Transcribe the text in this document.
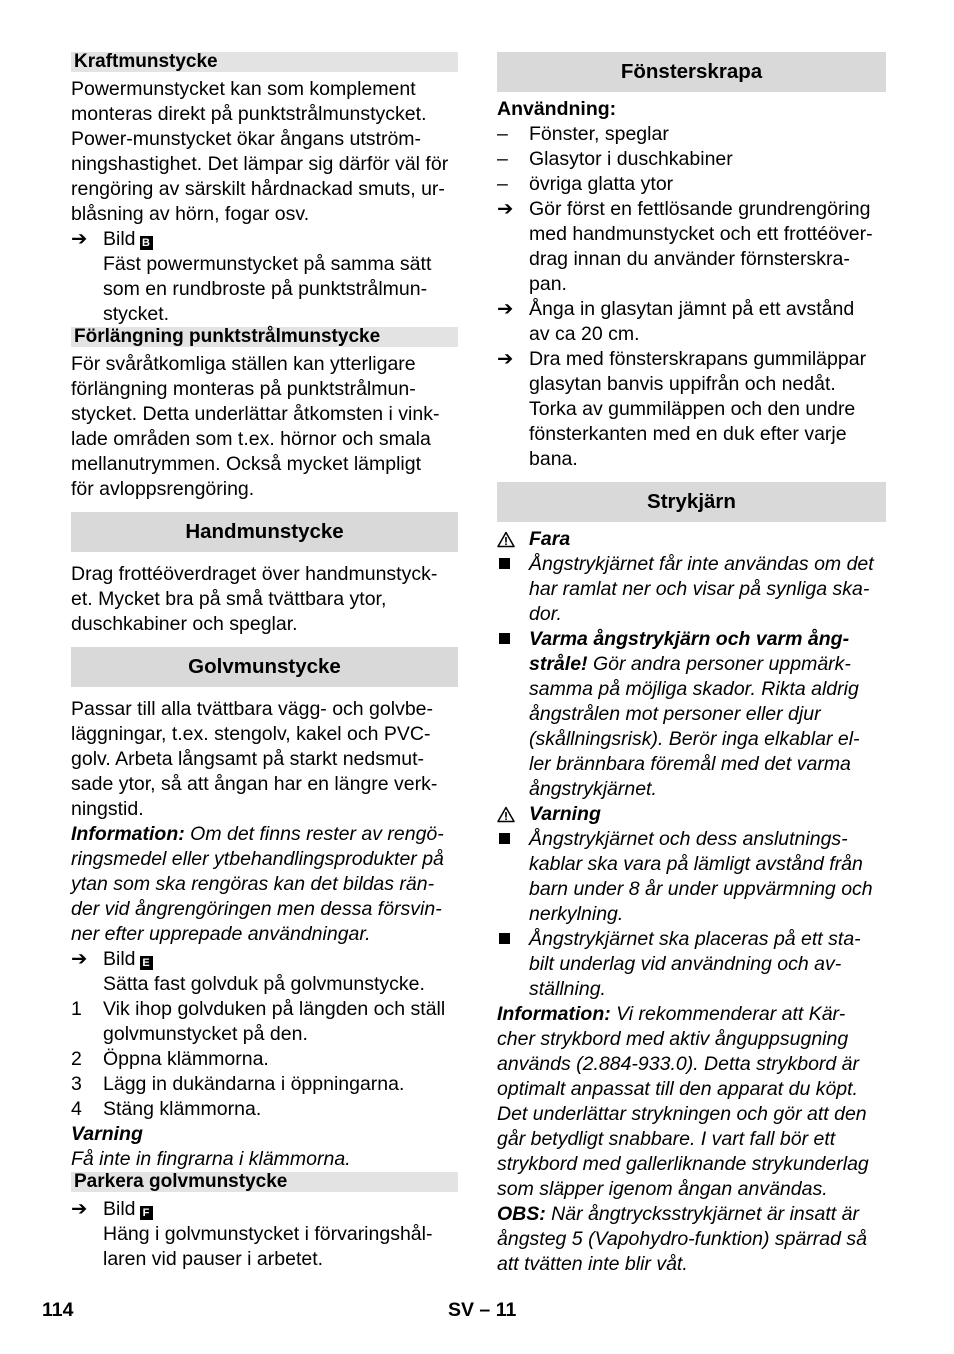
Kraftmunstycke
Powermunstycket kan som komplement
monteras direkt på punktstrålmunstycket.
Power-munstycket ökar ångans utström-
ningshastighet. Det lämpar sig därför väl för
rengöring av särskilt hårdnackad smuts, ur-
blåsning av hörn, fogar osv.
➔ Bild B
Fäst powermunstycket på samma sätt
som en rundbroste på punktstrålmun-
stycket.
Förlängning punktstrålmunstycke
För svåråtkomliga ställen kan ytterligare
förlängning monteras på punktstrålmun-
stycket. Detta underlättar åtkomsten i vink-
lade områden som t.ex. hörnor och smala
mellanutrymmen. Också mycket lämpligt
för avloppsrengöring.
Handmunstycke
Drag frottéöverdraget över handmunstyck-
et. Mycket bra på små tvättbara ytor,
duschkabiner och speglar.
Golvmunstycke
Passar till alla tvättbara vägg- och golvbe-
läggningar, t.ex. stengolv, kakel och PVC-
golv. Arbeta långsamt på starkt nedsmut-
sade ytor, så att ångan har en längre verk-
ningstid.
Information: Om det finns rester av rengö-
ringsmedel eller ytbehandlingsprodukter på
ytan som ska rengöras kan det bildas rän-
der vid ångrengöringen men dessa försvin-
ner efter upprepade användningar.
➔ Bild E
Sätta fast golvduk på golvmunstycke.
1	Vik ihop golvduken på längden och ställ
golvmunstycket på den.
2	Öppna klämmorna.
3	Lägg in dukändarna i öppningarna.
4	Stäng klämmorna.
Varning
Få inte in fingrarna i klämmorna.
Parkera golvmunstycke
➔ Bild F
Häng i golvmunstycket i förvaringshål-
laren vid pauser i arbetet.
Fönsterskrapa
Användning:
–	Fönster, speglar
–	Glasytor i duschkabiner
–	övriga glatta ytor
➔ Gör först en fettlösande grundrengöring
med handmunstycket och ett frottéöver-
drag innan du använder förnsterskra-
pan.
➔ Ånga in glasytan jämnt på ett avstånd
av ca 20 cm.
➔ Dra med fönsterskrapans gummiläppar
glasytan banvis uppifrån och nedåt.
Torka av gummiläppen och den undre
fönsterkanten med en duk efter varje
bana.
Strykjärn
Fara
Ångstrykjärnet får inte användas om det
har ramlat ner och visar på synliga ska-
dor.
Varma ångstrykjärn och varm ång-
stråle! Gör andra personer uppmärk-
samma på möjliga skador. Rikta aldrig
ångstrålen mot personer eller djur
(skållningsrisk). Berör inga elkablar el-
ler brännbara föremål med det varma
ångstrykjärnet.
Varning
Ångstrykjärnet och dess anslutnings-
kablar ska vara på lämligt avstånd från
barn under 8 år under uppvärmning och
nerkylning.
Ångstrykjärnet ska placeras på ett sta-
bilt underlag vid användning och av-
ställning.
Information: Vi rekommenderar att Kär-
cher strykbord med aktiv ånguppsugning
används (2.884-933.0). Detta strykbord är
optimalt anpassat till den apparat du köpt.
Det underlättar strykningen och gör att den
går betydligt snabbare. I vart fall bör ett
strykbord med gallerliknande strykunderlag
som släpper igenom ångan användas.
OBS: När ångtrycksstrykjärnet är insatt är
ångsteg 5 (Vapohydro-funktion) spärrad så
att tvätten inte blir våt.
114	SV – 11
